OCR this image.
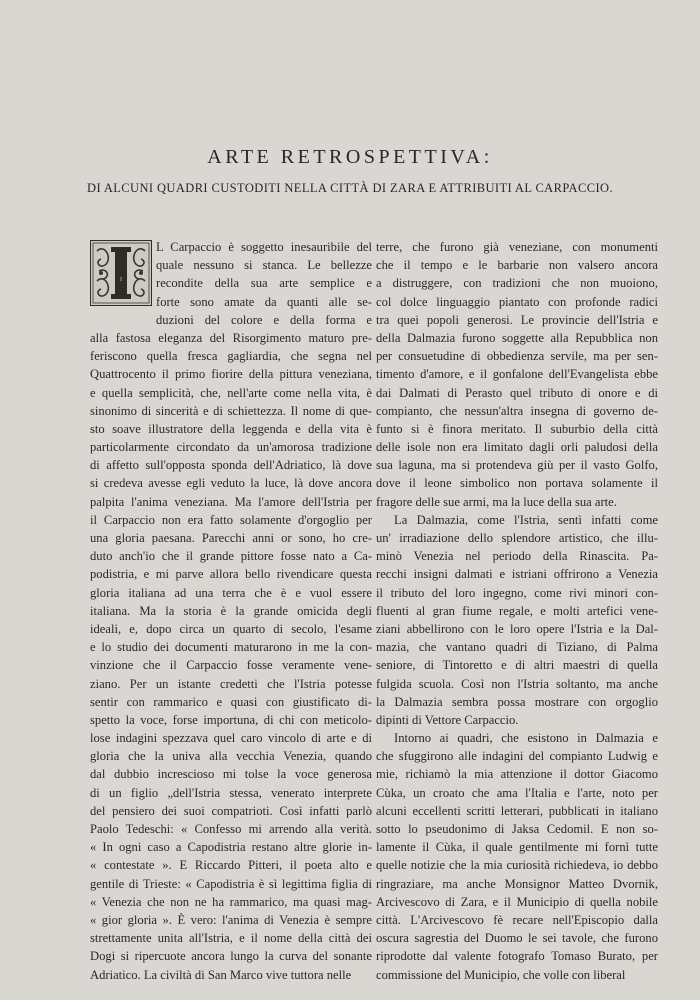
ARTE RETROSPETTIVA:
DI ALCUNI QUADRI CUSTODITI NELLA CITTÀ DI ZARA E ATTRIBUITI AL CARPACCIO.
I
L Carpaccio è soggetto inesauribile del
quale nessuno si stanca. Le bellezze
recondite della sua arte semplice e
forte sono amate da quanti alle se-
duzioni del colore e della forma e
alla fastosa eleganza del Risorgimento maturo pre-
feriscono quella fresca gagliardia, che segna nel
Quattrocento il primo fiorire della pittura veneziana,
e quella semplicità, che, nell'arte come nella vita, è
sinonimo di sincerità e di schiettezza. Il nome di que-
sto soave illustratore della leggenda e della vita è
particolarmente circondato da un'amorosa tradizione
di affetto sull'opposta sponda dell'Adriatico, là dove
si credeva avesse egli veduto la luce, là dove ancora
palpita l'anima veneziana. Ma l'amore dell'Istria per
il Carpaccio non era fatto solamente d'orgoglio per
una gloria paesana. Parecchi anni or sono, ho cre-
duto anch'io che il grande pittore fosse nato a Ca-
podistria, e mi parve allora bello rivendicare questa
gloria italiana ad una terra che è e vuol essere
italiana. Ma la storia è la grande omicida degli
ideali, e, dopo circa un quarto di secolo, l'esame
e lo studio dei documenti maturarono in me la con-
vinzione che il Carpaccio fosse veramente vene-
ziano. Per un istante credetti che l'Istria potesse
sentir con rammarico e quasi con giustificato di-
spetto la voce, forse importuna, di chi con meticolo-
lose indagini spezzava quel caro vincolo di arte e di
gloria che la univa alla vecchia Venezia, quando
dal dubbio increscioso mi tolse la voce generosa
di un figlio „dell'Istria stessa, venerato interprete
del pensiero dei suoi compatrioti. Così infatti parlò
Paolo Tedeschi: « Confesso mi arrendo alla verità.
« In ogni caso a Capodistria restano altre glorie in-
« contestate ». E Riccardo Pitteri, il poeta alto e
gentile di Trieste: « Capodistria è sì legittima figlia di
« Venezia che non ne ha rammarico, ma quasi mag-
« gior gloria ». È vero: l'anima di Venezia è sempre
strettamente unita all'Istria, e il nome della città dei
Dogi si ripercuote ancora lungo la curva del sonante
Adriatico. La civiltà di San Marco vive tuttora nelle
terre, che furono già veneziane, con monumenti
che il tempo e le barbarie non valsero ancora
a distruggere, con tradizioni che non muoiono,
col dolce linguaggio piantato con profonde radici
tra quei popoli generosi. Le provincie dell'Istria e
della Dalmazia furono soggette alla Repubblica non
per consuetudine di obbedienza servile, ma per sen-
timento d'amore, e il gonfalone dell'Evangelista ebbe
dai Dalmati di Perasto quel tributo di onore e di
compianto, che nessun'altra insegna di governo de-
funto si è finora meritato. Il suburbio della città
delle isole non era limitato dagli orli paludosi della
sua laguna, ma si protendeva giù per il vasto Golfo,
dove il leone simbolico non portava solamente il
fragore delle sue armi, ma la luce della sua arte.
La Dalmazia, come l'Istria, sentì infatti come
un' irradiazione dello splendore artistico, che illu-
minò Venezia nel periodo della Rinascita. Pa-
recchi insigni dalmati e istriani offrirono a Venezia
il tributo del loro ingegno, come rivi minori con-
fluenti al gran fiume regale, e molti artefici vene-
ziani abbellirono con le loro opere l'Istria e la Dal-
mazia, che vantano quadri di Tiziano, di Palma
seniore, di Tintoretto e di altri maestri di quella
fulgida scuola. Così non l'Istria soltanto, ma anche
la Dalmazia sembra possa mostrare con orgoglio
dipinti di Vettore Carpaccio.
Intorno ai quadri, che esistono in Dalmazia e
che sfuggirono alle indagini del compianto Ludwig e
mie, richiamò la mia attenzione il dottor Giacomo
Cùka, un croato che ama l'Italia e l'arte, noto per
alcuni eccellenti scritti letterari, pubblicati in italiano
sotto lo pseudonimo di Jaksa Cedomil. E non so-
lamente il Cùka, il quale gentilmente mi fornì tutte
quelle notizie che la mia curiosità richiedeva, io debbo
ringraziare, ma anche Monsignor Matteo Dvornik,
Arcivescovo di Zara, e il Municipio di quella nobile
città. L'Arcivescovo fè recare nell'Episcopio dalla
oscura sagrestia del Duomo le sei tavole, che furono
riprodotte dal valente fotografo Tomaso Burato, per
commissione del Municipio, che volle con liberal
